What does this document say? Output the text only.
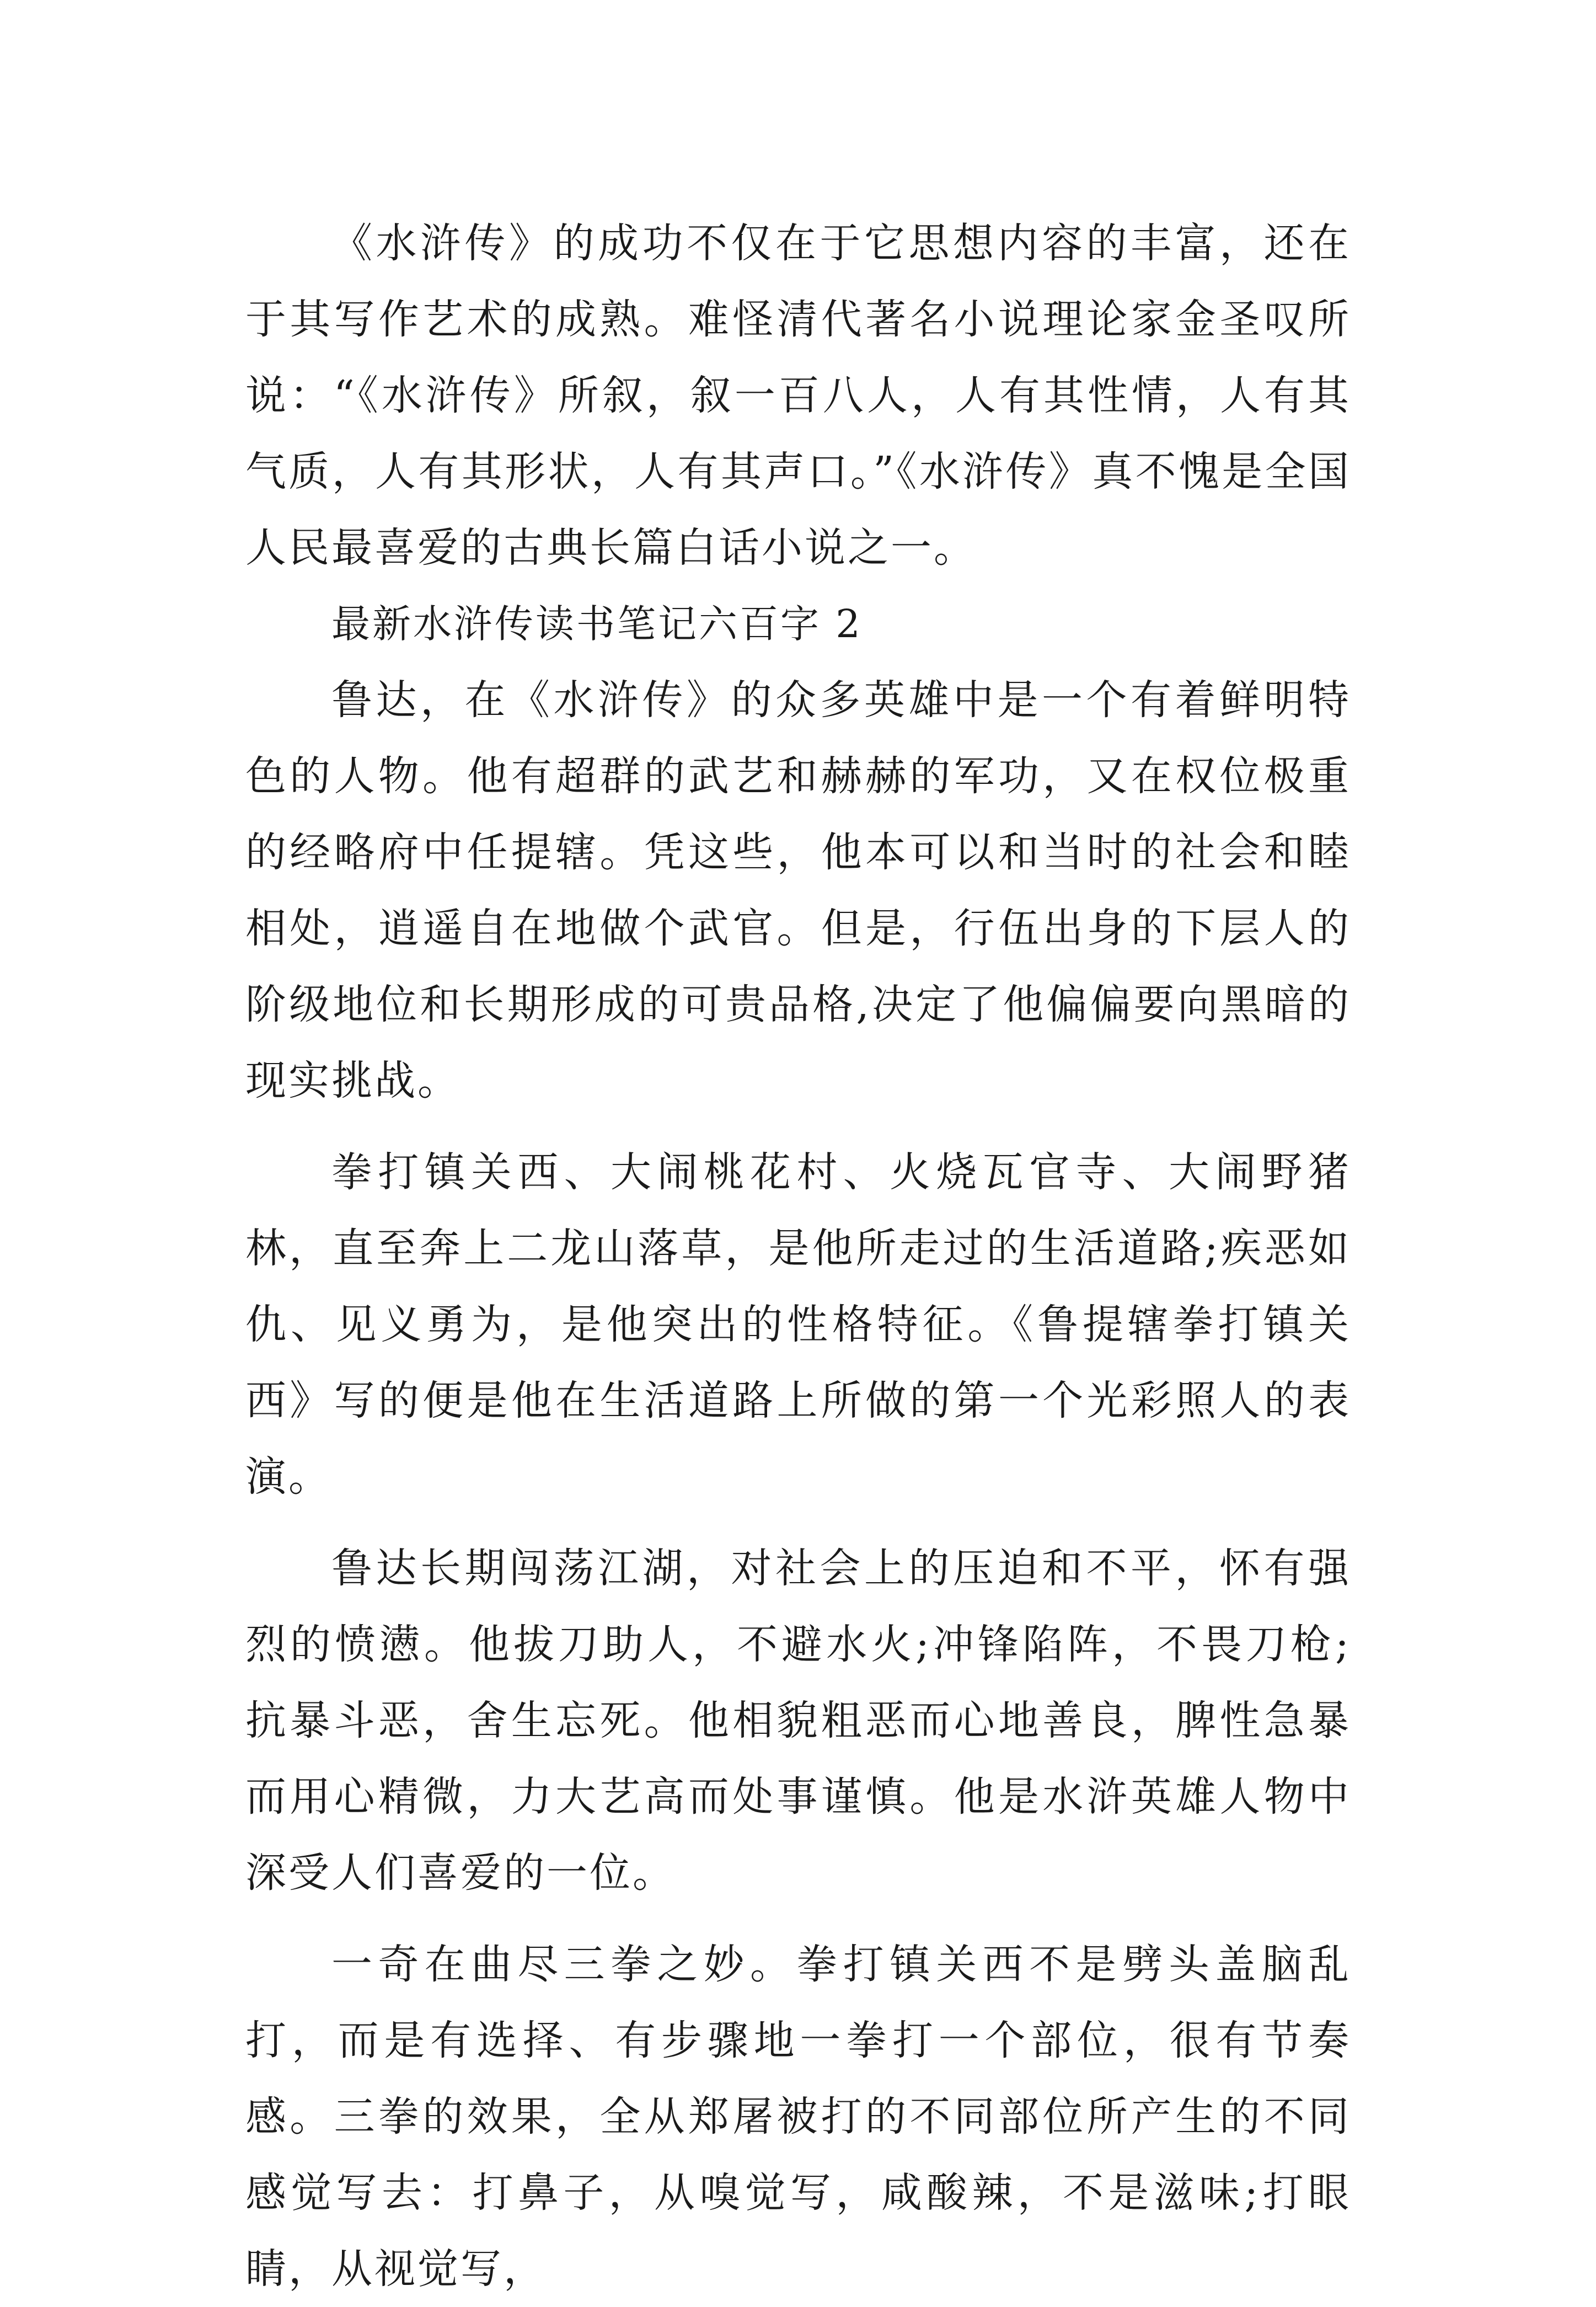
《水浒传》的成功不仅在于它思想内容的丰富，还在于其写作艺术的成熟。难怪清代著名小说理论家金圣叹所说：“《水浒传》所叙，叙一百八人，人有其性情，人有其气质，人有其形状，人有其声口。”《水浒传》真不愧是全国人民最喜爱的古典长篇白话小说之一。

最新水浒传读书笔记六百字 2

鲁达，在《水浒传》的众多英雄中是一个有着鲜明特色的人物。他有超群的武艺和赫赫的军功，又在权位极重的经略府中任提辖。凭这些，他本可以和当时的社会和睦相处，逍遥自在地做个武官。但是，行伍出身的下层人的阶级地位和长期形成的可贵品格,决定了他偏偏要向黑暗的现实挑战。

拳打镇关西、大闹桃花村、火烧瓦官寺、大闹野猪林，直至奔上二龙山落草，是他所走过的生活道路;疾恶如仇、见义勇为，是他突出的性格特征。《鲁提辖拳打镇关西》写的便是他在生活道路上所做的第一个光彩照人的表演。

鲁达长期闯荡江湖，对社会上的压迫和不平，怀有强烈的愤懑。他拔刀助人，不避水火;冲锋陷阵，不畏刀枪;抗暴斗恶，舍生忘死。他相貌粗恶而心地善良，脾性急暴而用心精微，力大艺高而处事谨慎。他是水浒英雄人物中深受人们喜爱的一位。

一奇在曲尽三拳之妙。拳打镇关西不是劈头盖脑乱打，而是有选择、有步骤地一拳打一个部位，很有节奏感。三拳的效果，全从郑屠被打的不同部位所产生的不同感觉写去：打鼻子，从嗅觉写，咸酸辣，不是滋味;打眼睛，从视觉写，
